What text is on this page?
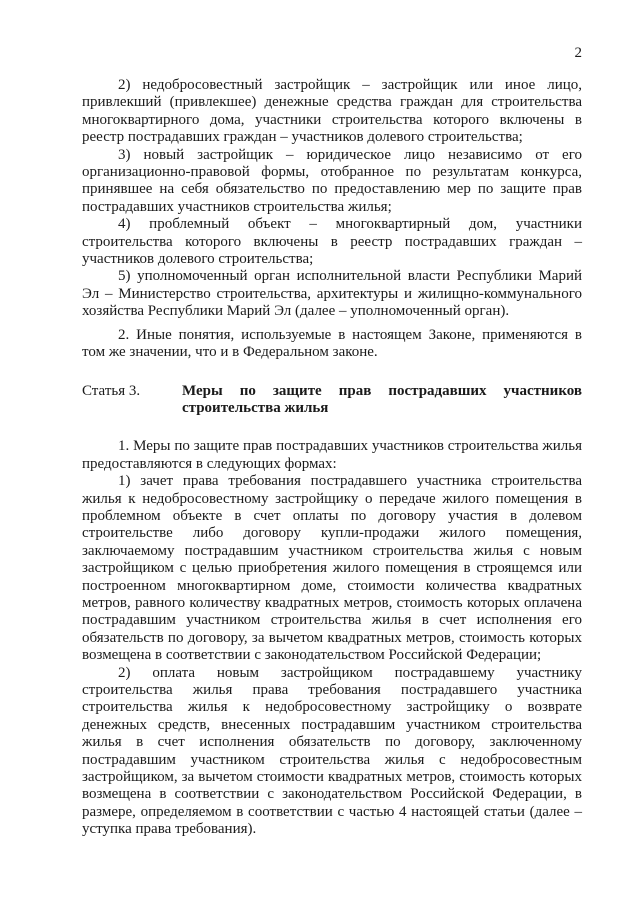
2

2) недобросовестный застройщик – застройщик или иное лицо, привлекший (привлекшее) денежные средства граждан для строительства многоквартирного дома, участники строительства которого включены в реестр пострадавших граждан – участников долевого строительства;

3) новый застройщик – юридическое лицо независимо от его организационно-правовой формы, отобранное по результатам конкурса, принявшее на себя обязательство по предоставлению мер по защите прав пострадавших участников строительства жилья;

4) проблемный объект – многоквартирный дом, участники строительства которого включены в реестр пострадавших граждан – участников долевого строительства;

5) уполномоченный орган исполнительной власти Республики Марий Эл – Министерство строительства, архитектуры и жилищно-коммунального хозяйства Республики Марий Эл (далее – уполномоченный орган).

2. Иные понятия, используемые в настоящем Законе, применяются в том же значении, что и в Федеральном законе.

Статья 3.	Меры по защите прав пострадавших участников строительства жилья

1. Меры по защите прав пострадавших участников строительства жилья предоставляются в следующих формах:

1) зачет права требования пострадавшего участника строительства жилья к недобросовестному застройщику о передаче жилого помещения в проблемном объекте в счет оплаты по договору участия в долевом строительстве либо договору купли-продажи жилого помещения, заключаемому пострадавшим участником строительства жилья с новым застройщиком с целью приобретения жилого помещения в строящемся или построенном многоквартирном доме, стоимости количества квадратных метров, равного количеству квадратных метров, стоимость которых оплачена пострадавшим участником строительства жилья в счет исполнения его обязательств по договору, за вычетом квадратных метров, стоимость которых возмещена в соответствии с законодательством Российской Федерации;

2) оплата новым застройщиком пострадавшему участнику строительства жилья права требования пострадавшего участника строительства жилья к недобросовестному застройщику о возврате денежных средств, внесенных пострадавшим участником строительства жилья в счет исполнения обязательств по договору, заключенному пострадавшим участником строительства жилья с недобросовестным застройщиком, за вычетом стоимости квадратных метров, стоимость которых возмещена в соответствии с законодательством Российской Федерации, в размере, определяемом в соответствии с частью 4 настоящей статьи (далее – уступка права требования).
